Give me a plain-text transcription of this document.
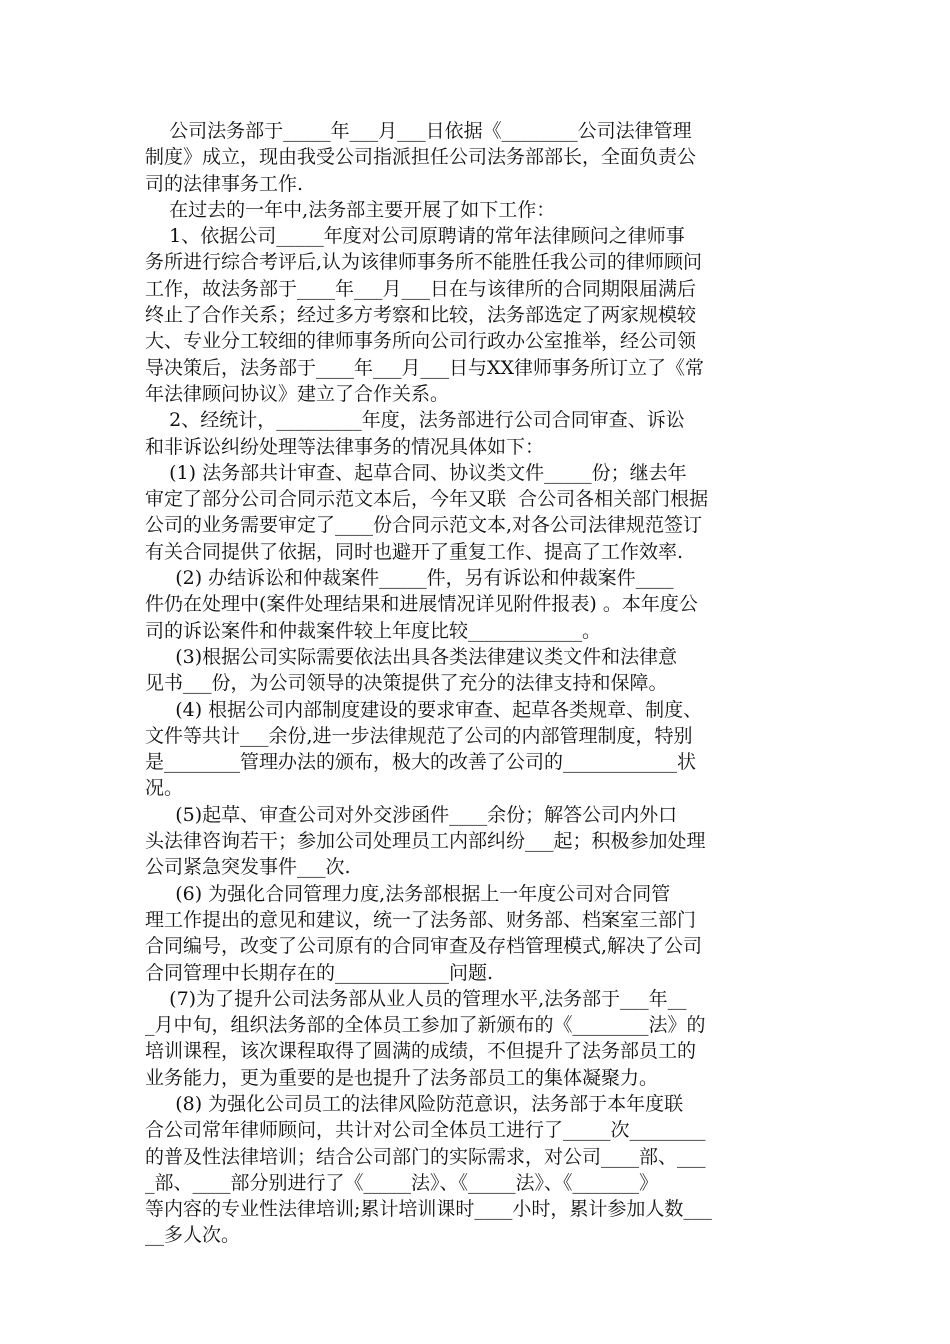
公司法务部于_____年___月___日依据《________公司法律管理
制度》成立，现由我受公司指派担任公司法务部部长，全面负责公
司的法律事务工作.
在过去的一年中,法务部主要开展了如下工作：
1、依据公司_____年度对公司原聘请的常年法律顾问之律师事
务所进行综合考评后,认为该律师事务所不能胜任我公司的律师顾问
工作，故法务部于____年___月___日在与该律所的合同期限届满后
终止了合作关系；经过多方考察和比较，法务部选定了两家规模较
大、专业分工较细的律师事务所向公司行政办公室推举，经公司领
导决策后，法务部于____年___月___日与XX律师事务所订立了《常
年法律顾问协议》建立了合作关系。
2、经统计，_________年度，法务部进行公司合同审查、诉讼
和非诉讼纠纷处理等法律事务的情况具体如下：
(1) 法务部共计审查、起草合同、协议类文件_____份；继去年
审定了部分公司合同示范文本后，今年又联  合公司各相关部门根据
公司的业务需要审定了____份合同示范文本,对各公司法律规范签订
有关合同提供了依据，同时也避开了重复工作、提高了工作效率.
(2) 办结诉讼和仲裁案件_____件，另有诉讼和仲裁案件____
件仍在处理中(案件处理结果和进展情况详见附件报表) 。本年度公
司的诉讼案件和仲裁案件较上年度比较____________。
(3)根据公司实际需要依法出具各类法律建议类文件和法律意
见书___份，为公司领导的决策提供了充分的法律支持和保障。
(4) 根据公司内部制度建设的要求审查、起草各类规章、制度、
文件等共计___余份,进一步法律规范了公司的内部管理制度，特别
是________管理办法的颁布，极大的改善了公司的____________状
况。
(5)起草、审查公司对外交涉函件____余份；解答公司内外口
头法律咨询若干；参加公司处理员工内部纠纷___起；积极参加处理
公司紧急突发事件___次.
(6) 为强化合同管理力度,法务部根据上一年度公司对合同管
理工作提出的意见和建议，统一了法务部、财务部、档案室三部门
合同编号，改变了公司原有的合同审查及存档管理模式,解决了公司
合同管理中长期存在的____________问题.
(7)为了提升公司法务部从业人员的管理水平,法务部于___年__
_月中旬，组织法务部的全体员工参加了新颁布的《________法》的
培训课程，该次课程取得了圆满的成绩，不但提升了法务部员工的
业务能力，更为重要的是也提升了法务部员工的集体凝聚力。
(8) 为强化公司员工的法律风险防范意识，法务部于本年度联
合公司常年律师顾问，共计对公司全体员工进行了_____次________
的普及性法律培训；结合公司部门的实际需求，对公司____部、___
_部、____部分别进行了《_____法》、《_____法》、《_______》
等内容的专业性法律培训;累计培训课时____小时，累计参加人数___
__多人次。
